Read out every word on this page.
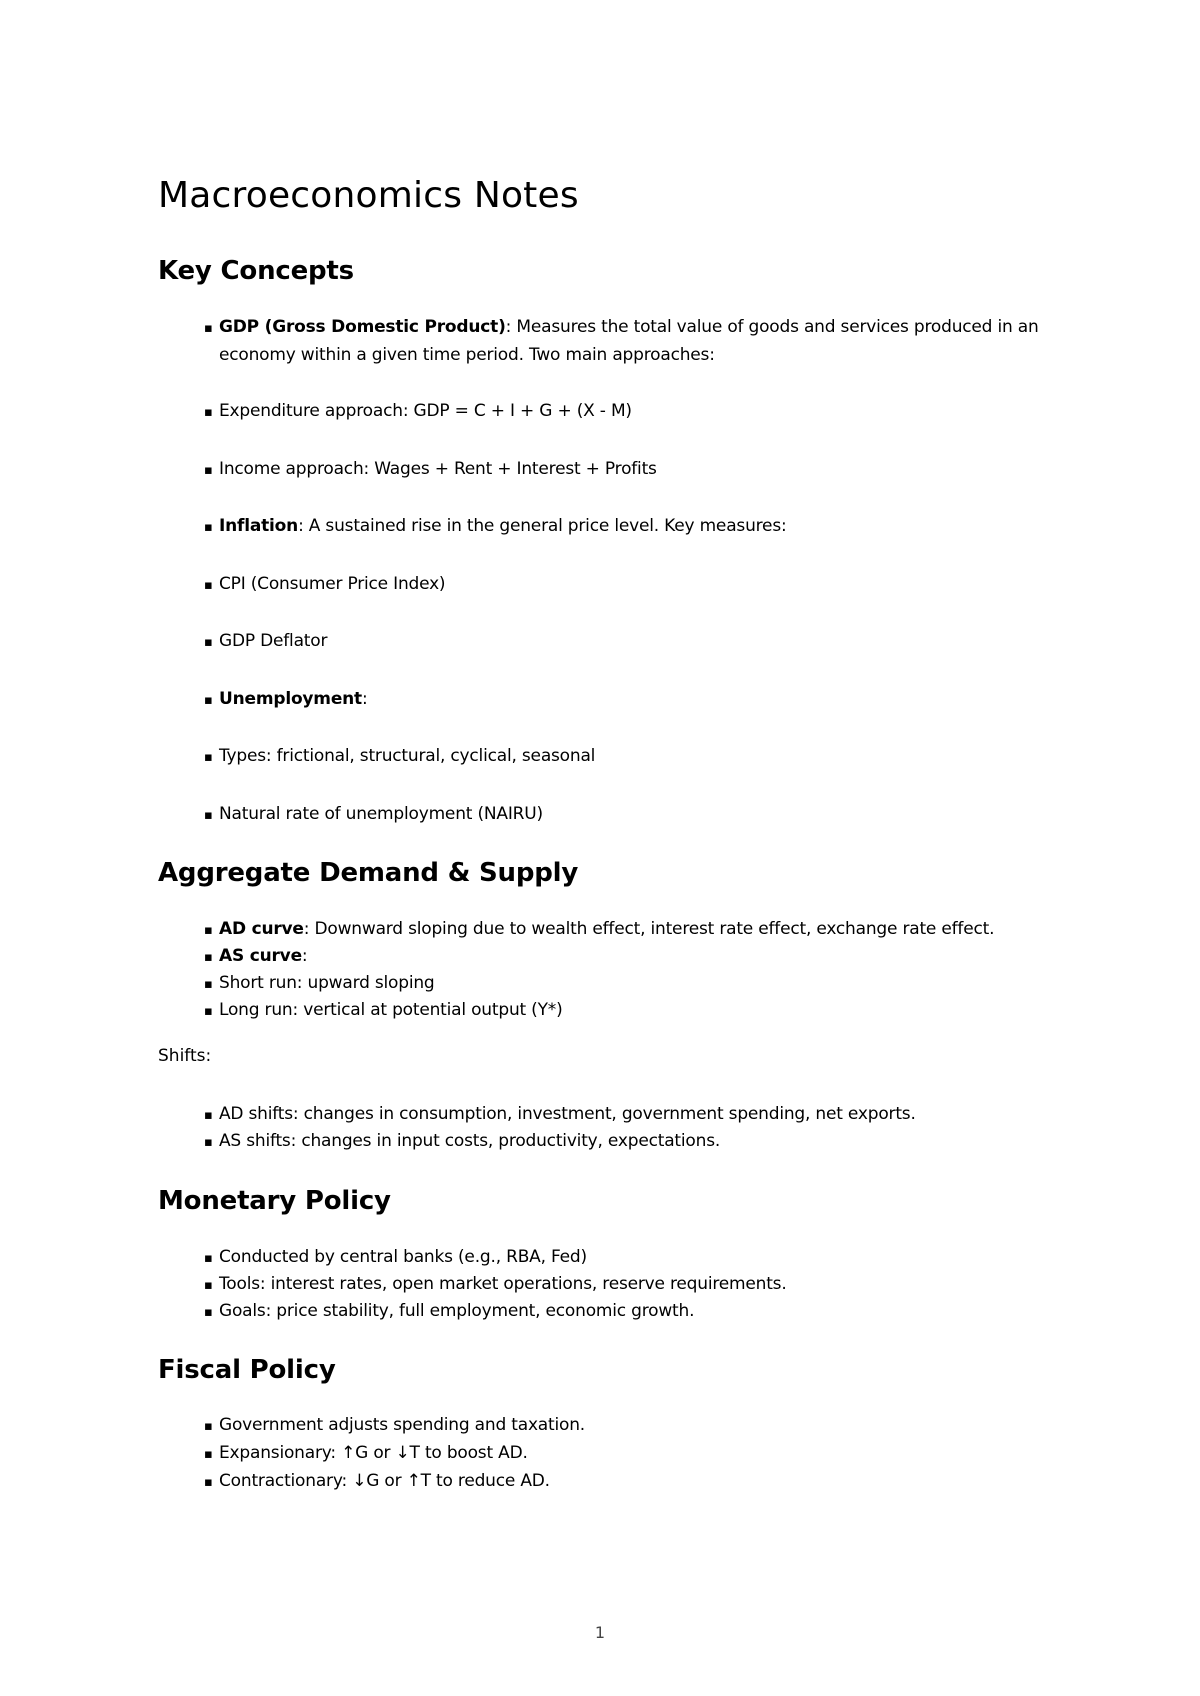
Macroeconomics Notes
Key Concepts

▪ GDP (Gross Domestic Product): Measures the total value of goods and services produced in an economy within a given time period. Two main approaches:

▪ Expenditure approach: GDP = C + I + G + (X - M)

▪ Income approach: Wages + Rent + Interest + Profits

▪ Inflation: A sustained rise in the general price level. Key measures:

▪ CPI (Consumer Price Index)

▪ GDP Deflator

▪ Unemployment:

▪ Types: frictional, structural, cyclical, seasonal

▪ Natural rate of unemployment (NAIRU)

Aggregate Demand & Supply

▪ AD curve: Downward sloping due to wealth effect, interest rate effect, exchange rate effect.

▪ AS curve:

▪ Short run: upward sloping

▪ Long run: vertical at potential output (Y*)

Shifts:

▪ AD shifts: changes in consumption, investment, government spending, net exports.

▪ AS shifts: changes in input costs, productivity, expectations.

Monetary Policy

▪ Conducted by central banks (e.g., RBA, Fed)

▪ Tools: interest rates, open market operations, reserve requirements.

▪ Goals: price stability, full employment, economic growth.

Fiscal Policy

▪ Government adjusts spending and taxation.

▪ Expansionary: ↑G or ↓T to boost AD.

▪ Contractionary: ↓G or ↑T to reduce AD.

1
